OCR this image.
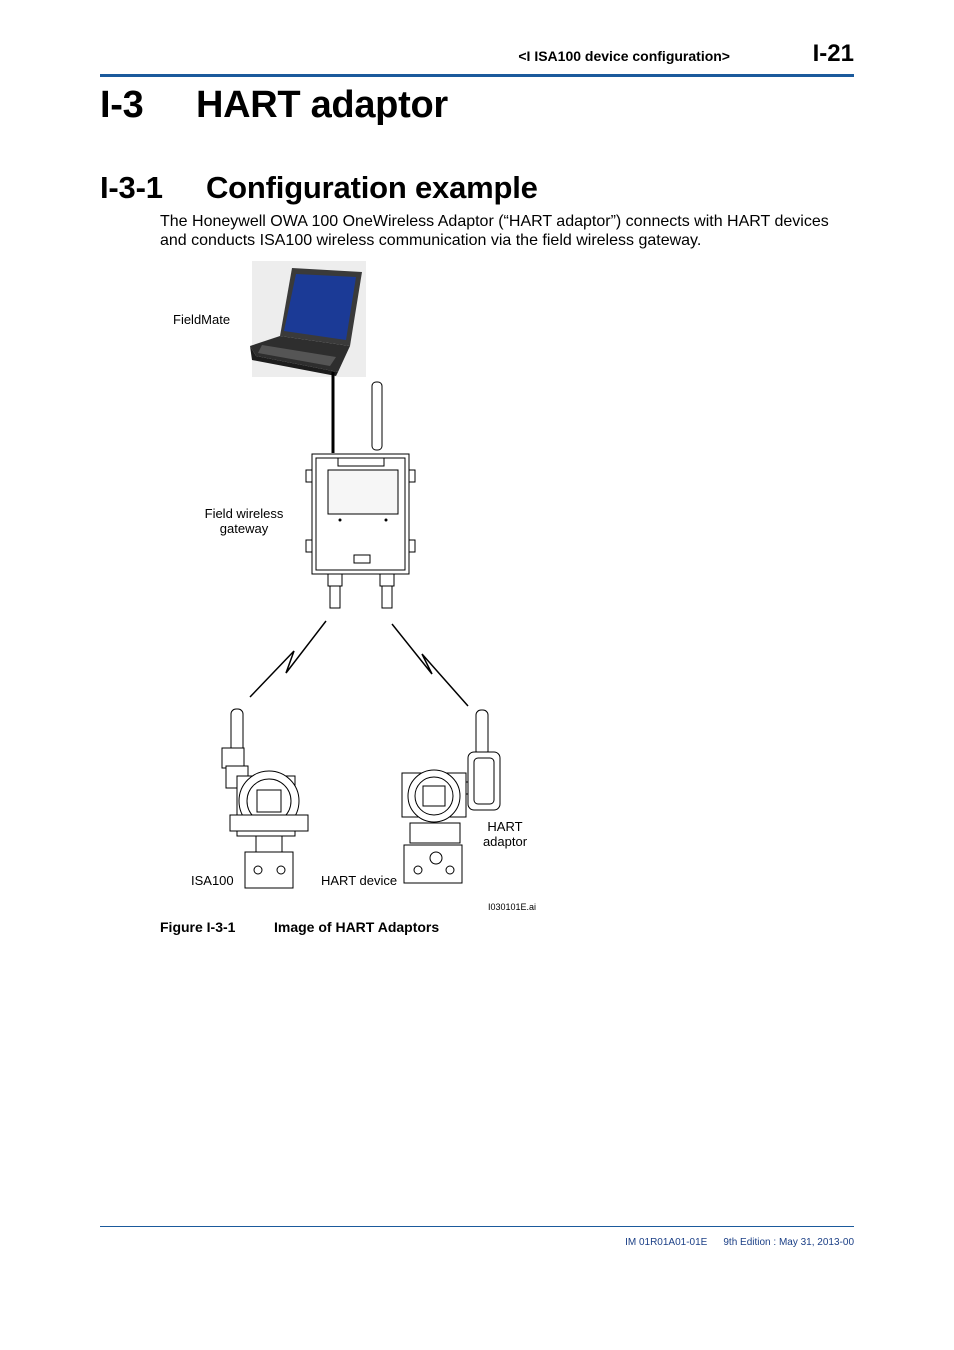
<I ISA100 device configuration>	I-21
I-3 HART adaptor
I-3-1 Configuration example

The Honeywell OWA 100 OneWireless Adaptor (“HART adaptor”) connects with HART devices

and conducts ISA100 wireless communication via the field wireless gateway.

FieldMate
Field wireless
gateway
ISA100	HART device
HART
adaptor
I030101E.ai
Figure I-3-1	Image of HART Adaptors
IM 01R01A01-01E 9th Edition : May 31, 2013-00
